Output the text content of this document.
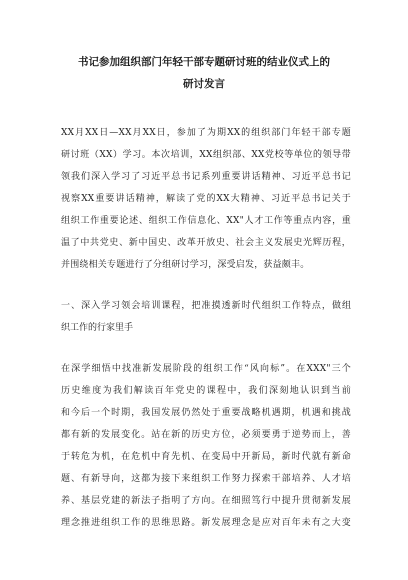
书记参加组织部门年轻干部专题研讨班的结业仪式上的
研讨发言
XX月XX日—XX月XX日，参加了为期XX的组织部门年轻干部专题
研讨班（XX）学习。本次培训，XX组织部、XX党校等单位的领导带
领我们深入学习了习近平总书记系列重要讲话精神、习近平总书记
视察XX重要讲话精神，解读了党的XX大精神、习近平总书记关于
组织工作重要论述、组织工作信息化、XX"人才工作等重点内容，重
温了中共党史、新中国史、改革开放史、社会主义发展史光辉历程，
并围绕相关专题进行了分组研讨学习，深受启发，获益颇丰。
一、深入学习领会培训课程，把准摸透新时代组织工作特点，做组
织工作的行家里手
在深学细悟中找准新发展阶段的组织工作“风向标”。在XXX"三个
历史维度为我们解读百年党史的课程中，我们深刻地认识到当前
和今后一个时期，我国发展仍然处于重要战略机遇期，机遇和挑战
都有新的发展变化。站在新的历史方位，必须要勇于逆势而上，善
于转危为机，在危机中育先机、在变局中开新局，新时代就有新命
题、有新导向，这都为接下来组织工作努力探索干部培养、人才培
养、基层党建的新法子指明了方向。在细照笃行中提升贯彻新发展
理念推进组织工作的思维思路。新发展理念是应对百年未有之大变
